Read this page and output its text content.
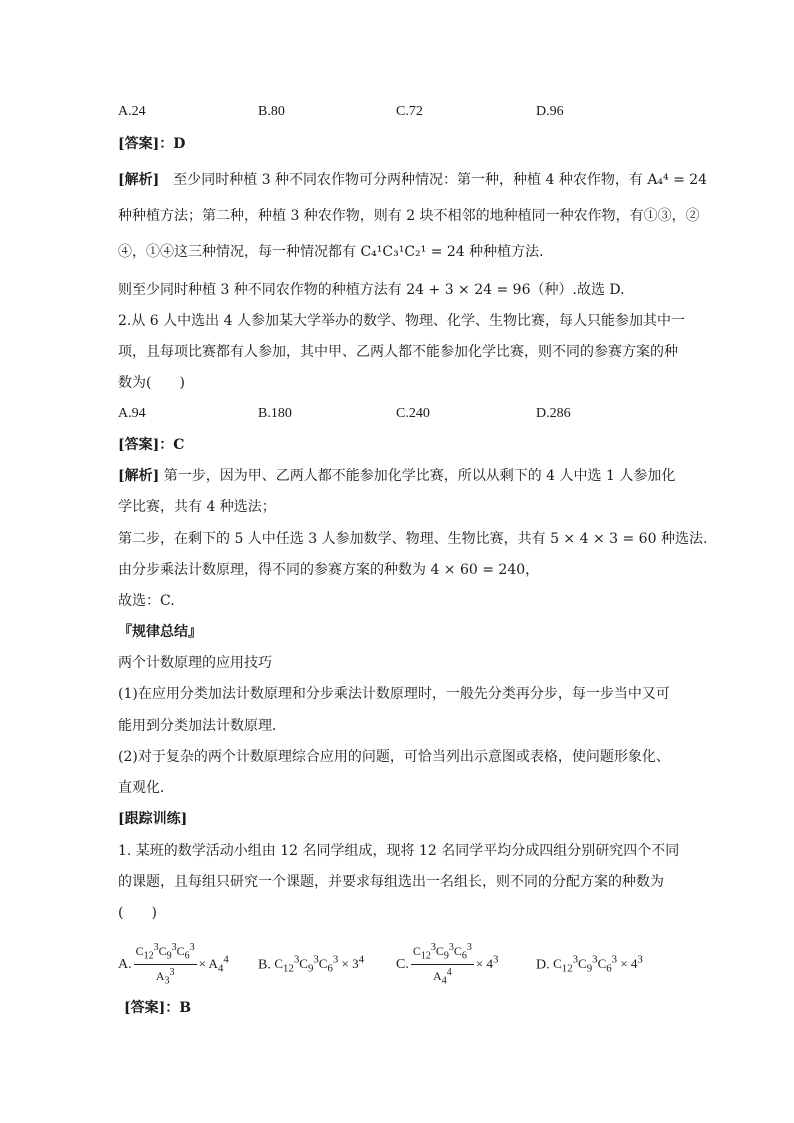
A.24	B.80	C.72	D.96
[答案]：D
[解析]　 至少同时种植 3 种不同农作物可分两种情况：第一种，种植 4 种农作物，有 A₄⁴ = 24
种种植方法；第二种，种植 3 种农作物，则有 2 块不相邻的地种植同一种农作物，有①③，②
④，①④这三种情况，每一种情况都有 C₄¹C₃¹C₂¹ = 24 种种植方法.
则至少同时种植 3 种不同农作物的种植方法有 24 + 3 × 24 = 96（种）.故选 D.
2.从 6 人中选出 4 人参加某大学举办的数学、物理、化学、生物比赛，每人只能参加其中一
项，且每项比赛都有人参加，其中甲、乙两人都不能参加化学比赛，则不同的参赛方案的种
数为(　　)
A.94	B.180	C.240	D.286
[答案]：C
[解析] 第一步，因为甲、乙两人都不能参加化学比赛，所以从剩下的 4 人中选 1 人参加化
学比赛，共有 4 种选法；
第二步，在剩下的 5 人中任选 3 人参加数学、物理、生物比赛，共有 5 × 4 × 3 = 60 种选法.
由分步乘法计数原理，得不同的参赛方案的种数为 4 × 60 = 240，
故选：C.
『规律总结』
两个计数原理的应用技巧
(1)在应用分类加法计数原理和分步乘法计数原理时，一般先分类再分步，每一步当中又可
能用到分类加法计数原理．
(2)对于复杂的两个计数原理综合应用的问题，可恰当列出示意图或表格，使问题形象化、
直观化．
[跟踪训练]
1. 某班的数学活动小组由 12 名同学组成，现将 12 名同学平均分成四组分别研究四个不同
的课题，且每组只研究一个课题，并要求每组选出一名组长，则不同的分配方案的种数为
(　　)
A. $\frac{C_{12}^3C_9^3C_6^3}{A_3^3} \times A_4^4$ B. $C_{12}^3C_9^3C_6^3 \times 3^4$ C. $\frac{C_{12}^3C_9^3C_6^3}{A_4^4} \times 4^3$	D. $C_{12}^3C_9^3C_6^3 \times 4^3$
[答案]：B
